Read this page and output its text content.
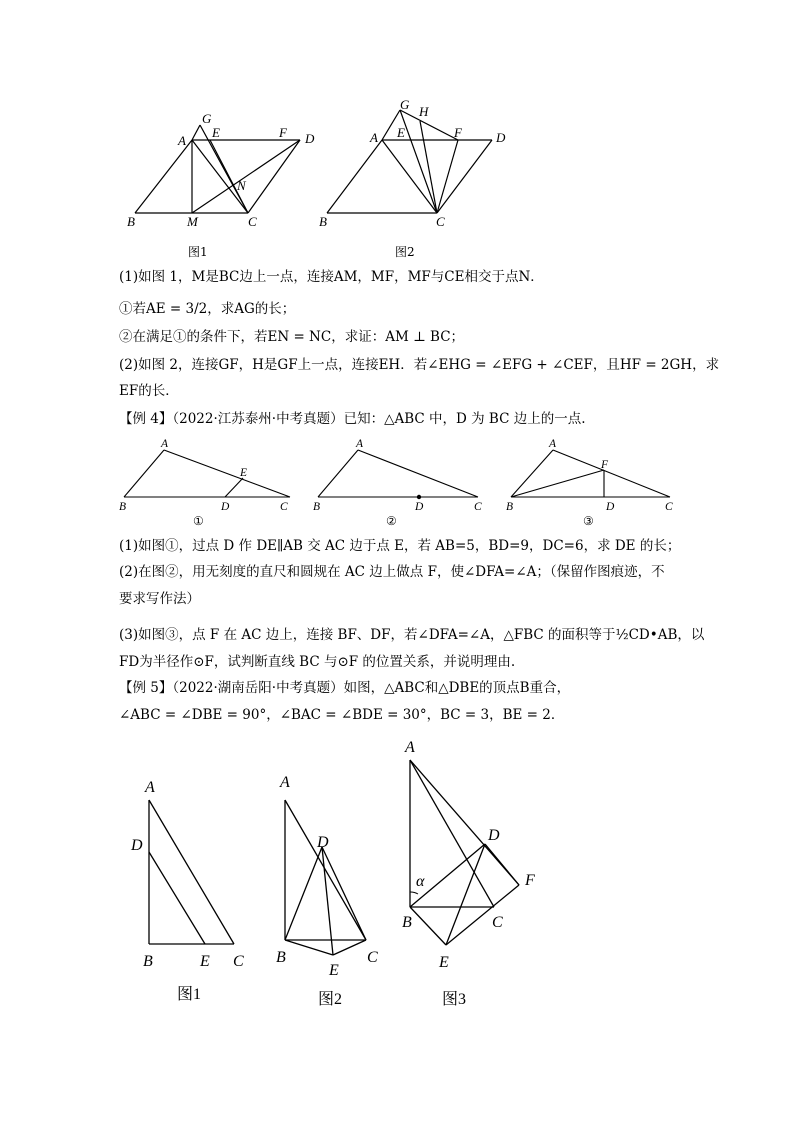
G
A
E	F D
N
B	M	C
图1
G H
A E	F	D
B	C
图2
(1)如图 1，M是BC边上一点，连接AM，MF，MF与CE相交于点N．
①若AE = 3/2，求AG的长；
②在满足①的条件下，若EN = NC，求证：AM ⊥ BC；
(2)如图 2，连接GF，H是GF上一点，连接EH．若∠EHG = ∠EFG + ∠CEF，且HF = 2GH，求
EF的长．
【例 4】（2022·江苏泰州·中考真题）已知：△ABC 中，D 为 BC 边上的一点.
A
E
B	D	C
A
B	D	C
A
F
B	D	C
①	②	③
(1)如图①，过点 D 作 DE∥AB 交 AC 边于点 E，若 AB=5，BD=9，DC=6，求 DE 的长；
(2)在图②，用无刻度的直尺和圆规在 AC 边上做点 F，使∠DFA=∠A；（保留作图痕迹，不
要求写作法）
(3)如图③，点 F 在 AC 边上，连接 BF、DF，若∠DFA=∠A，△FBC 的面积等于½CD•AB，以
FD为半径作⊙F，试判断直线 BC 与⊙F 的位置关系，并说明理由.
【例 5】（2022·湖南岳阳·中考真题）如图，△ABC和△DBE的顶点B重合，
∠ABC = ∠DBE = 90°，∠BAC = ∠BDE = 30°，BC = 3，BE = 2．
A
D
B	E C
A
D
B
E
C
A
D
α	F
B	C
E
图1	图2	图3
